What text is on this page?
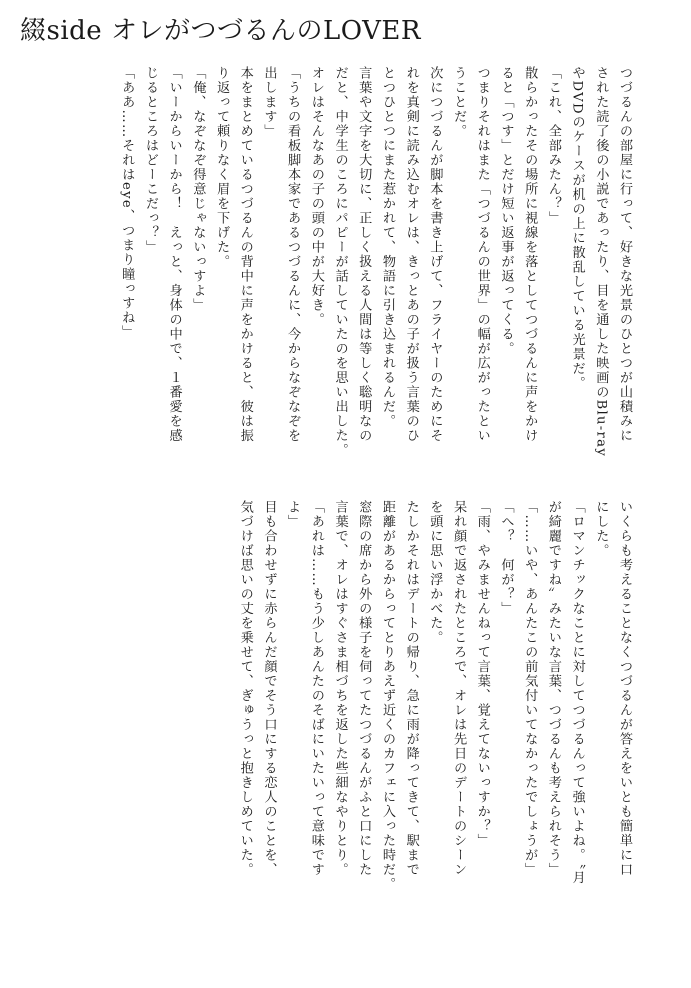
綴side オレがつづるんのLOVER
つづるんの部屋に行って、好きな光景のひとつが山積みに
された読了後の小説であったり、目を通した映画のBlu-ray
やDVDのケースが机の上に散乱している光景だ。
「これ、全部みたん？」
散らかったその場所に視線を落としてつづるんに声をかけ
ると「つす」とだけ短い返事が返ってくる。
つまりそれはまた「つづるんの世界」の幅が広がったとい
うことだ。
次につづるんが脚本を書き上げて、フライヤーのためにそ
れを真剣に読み込むオレは、きっとあの子が扱う言葉のひ
とつひとつにまた惹かれて、物語に引き込まれるんだ。
言葉や文字を大切に、正しく扱える人間は等しく聡明なの
だと、中学生のころにパピーが話していたのを思い出した。
オレはそんなあの子の頭の中が大好き。
「うちの看板脚本家であるつづるんに、今からなぞなぞを
出します」
本をまとめているつづるんの背中に声をかけると、彼は振
り返って頼りなく眉を下げた。
「俺、なぞなぞ得意じゃないっすよ」
「いーからいーから！　えっと、身体の中で、１番愛を感
じるところはどーこだっ？」
「ああ……それはeye、つまり瞳っすね」
いくらも考えることなくつづるんが答えをいとも簡単に口
にした。
「ロマンチックなことに対してつづるんって強いよね。〝月
が綺麗ですね〟みたいな言葉、つづるんも考えられそう」
「……いや、あんたこの前気付いてなかったでしょうが」
「へ？　何が？」
「雨、やみませんねって言葉、覚えてないっすか？」
呆れ顔で返されたところで、オレは先日のデートのシーン
を頭に思い浮かべた。
たしかそれはデートの帰り、急に雨が降ってきて、駅まで
距離があるからってとりあえず近くのカフェに入った時だ。
窓際の席から外の様子を伺ってたつづるんがふと口にした
言葉で、オレはすぐさま相づちを返した些細なやりとり。
「あれは……もう少しあんたのそばにいたいって意味です
よ」
目も合わせずに赤らんだ顔でそう口にする恋人のことを、
気づけば思いの丈を乗せて、ぎゅうっと抱きしめていた。
